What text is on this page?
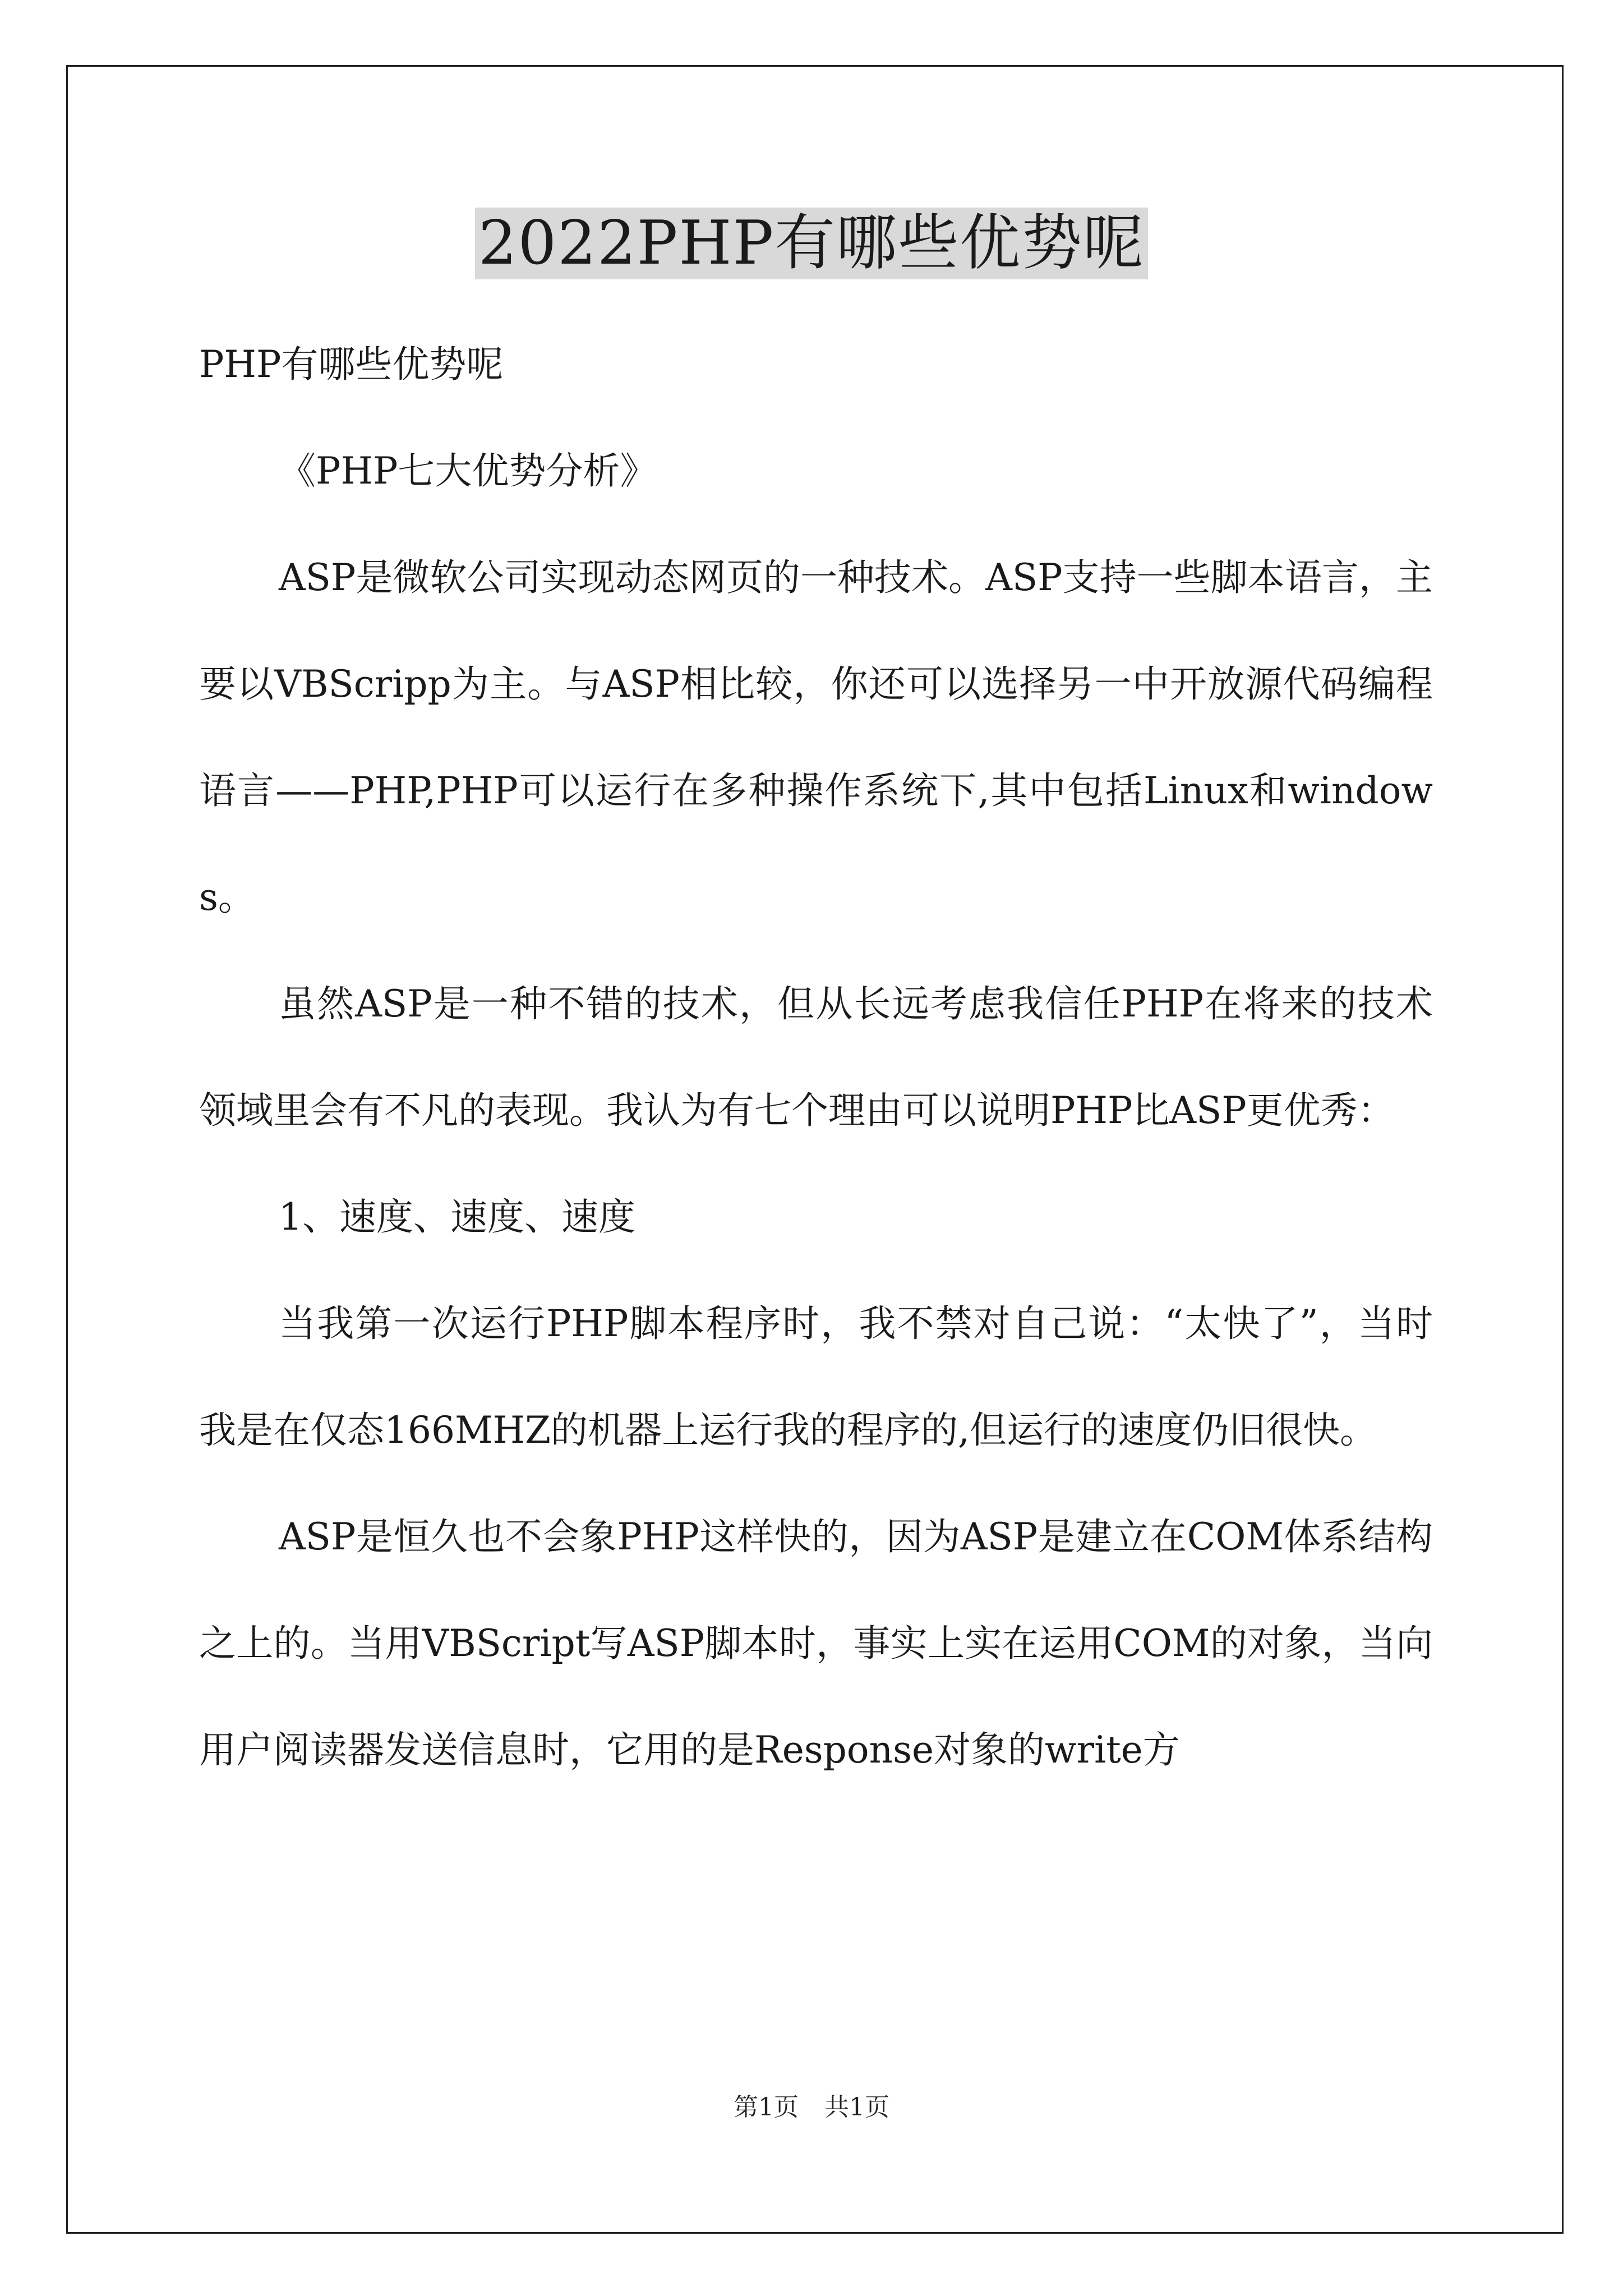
2022PHP有哪些优势呢

PHP有哪些优势呢

《PHP七大优势分析》

ASP是微软公司实现动态网页的一种技术。ASP支持一些脚本语言，主要以VBScripp为主。与ASP相比较，你还可以选择另一中开放源代码编程语言——PHP,PHP可以运行在多种操作系统下,其中包括Linux和windows。

虽然ASP是一种不错的技术，但从长远考虑我信任PHP在将来的技术领域里会有不凡的表现。我认为有七个理由可以说明PHP比ASP更优秀：

1、速度、速度、速度

当我第一次运行PHP脚本程序时，我不禁对自己说：“太快了”，当时我是在仅态166MHZ的机器上运行我的程序的,但运行的速度仍旧很快。

ASP是恒久也不会象PHP这样快的，因为ASP是建立在COM体系结构之上的。当用VBScript写ASP脚本时，事实上实在运用COM的对象，当向用户阅读器发送信息时，它用的是Response对象的write方

第1页 共1页
